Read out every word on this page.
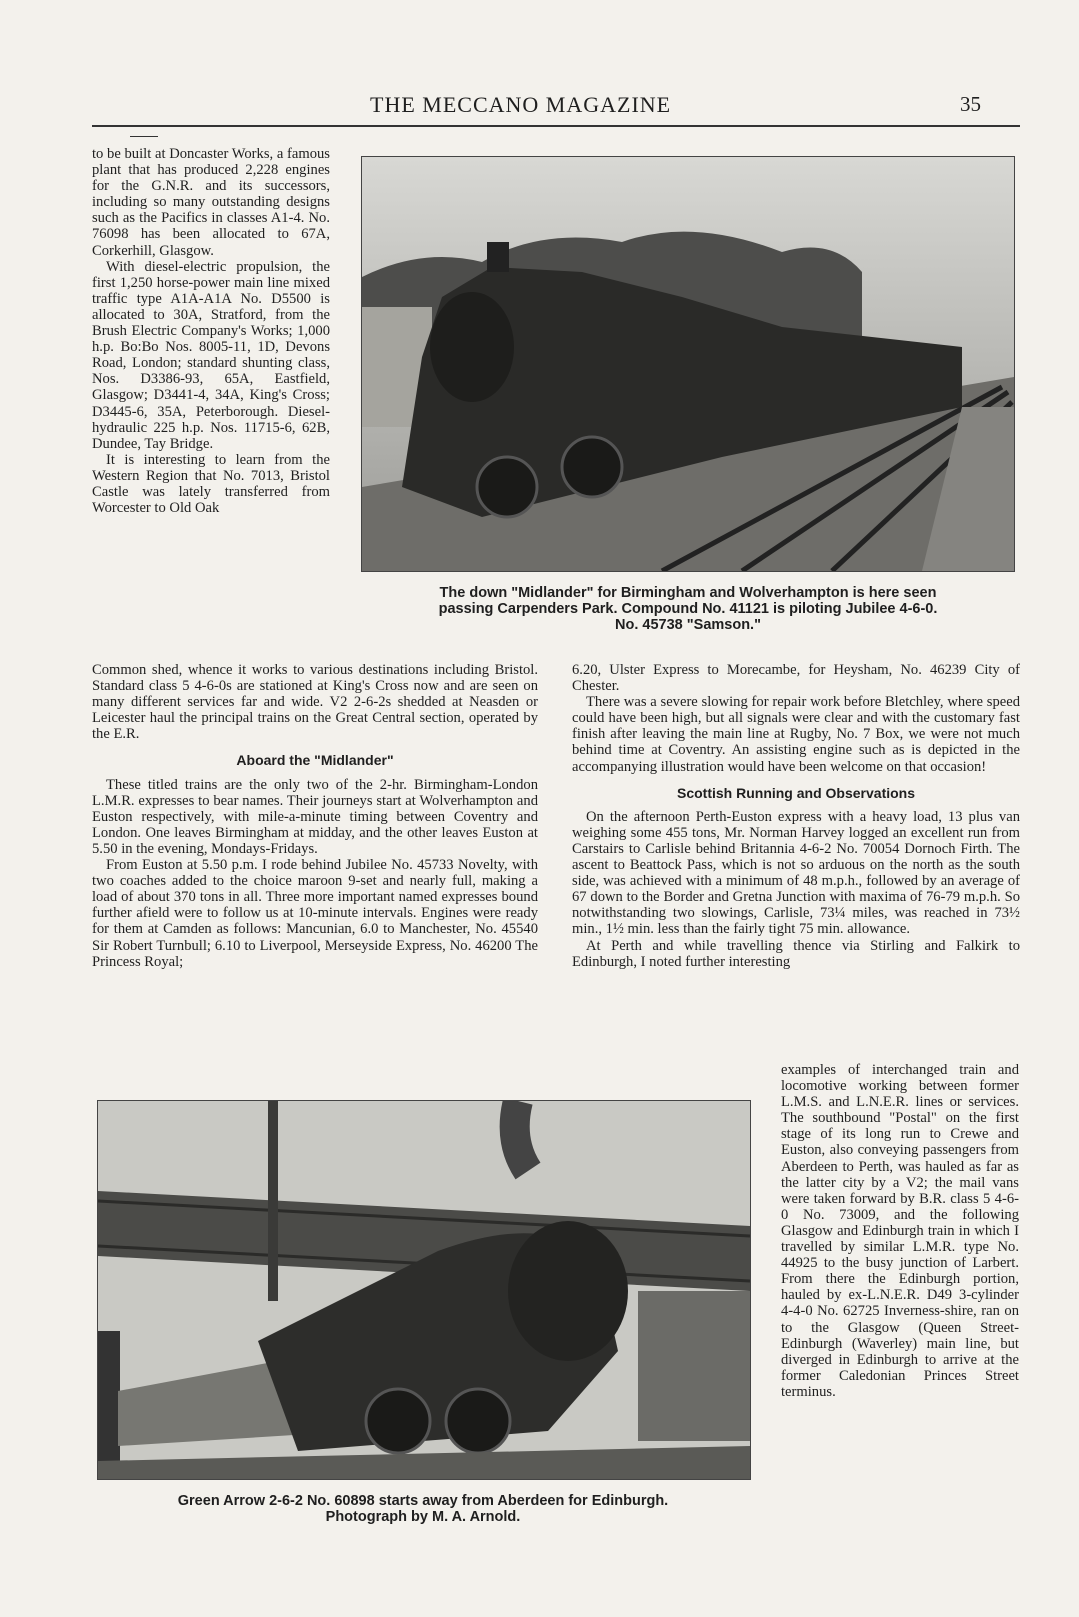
THE MECCANO MAGAZINE	35

to be built at Doncaster Works, a famous plant that has produced 2,228 engines for the G.N.R. and its successors, including so many outstanding designs such as the Pacifics in classes A1-4. No. 76098 has been allocated to 67A, Corkerhill, Glasgow.

With diesel-electric propulsion, the first 1,250 horse-power main line mixed traffic type A1A-A1A No. D5500 is allocated to 30A, Stratford, from the Brush Electric Company's Works; 1,000 h.p. Bo:Bo Nos. 8005-11, 1D, Devons Road, London; standard shunting class, Nos. D3386-93, 65A, Eastfield, Glasgow; D3441-4, 34A, King's Cross; D3445-6, 35A, Peterborough. Diesel-hydraulic 225 h.p. Nos. 11715-6, 62B, Dundee, Tay Bridge.

It is interesting to learn from the Western Region that No. 7013, Bristol Castle was lately transferred from Worcester to Old Oak

The down "Midlander" for Birmingham and Wolverhampton is here seen
passing Carpenders Park. Compound No. 41121 is piloting Jubilee 4-6-0.
No. 45738 "Samson."

Common shed, whence it works to various destinations including Bristol. Standard class 5 4-6-0s are stationed at King's Cross now and are seen on many different services far and wide. V2 2-6-2s shedded at Neasden or Leicester haul the principal trains on the Great Central section, operated by the E.R.

Aboard the "Midlander"

These titled trains are the only two of the 2-hr. Birmingham-London L.M.R. expresses to bear names. Their journeys start at Wolverhampton and Euston respectively, with mile-a-minute timing between Coventry and London. One leaves Birmingham at midday, and the other leaves Euston at 5.50 in the evening, Mondays-Fridays.

From Euston at 5.50 p.m. I rode behind Jubilee No. 45733 Novelty, with two coaches added to the choice maroon 9-set and nearly full, making a load of about 370 tons in all. Three more important named expresses bound further afield were to follow us at 10-minute intervals. Engines were ready for them at Camden as follows: Mancunian, 6.0 to Manchester, No. 45540 Sir Robert Turnbull; 6.10 to Liverpool, Merseyside Express, No. 46200 The Princess Royal;

6.20, Ulster Express to Morecambe, for Heysham, No. 46239 City of Chester.

There was a severe slowing for repair work before Bletchley, where speed could have been high, but all signals were clear and with the customary fast finish after leaving the main line at Rugby, No. 7 Box, we were not much behind time at Coventry. An assisting engine such as is depicted in the accompanying illustration would have been welcome on that occasion!

Scottish Running and Observations

On the afternoon Perth-Euston express with a heavy load, 13 plus van weighing some 455 tons, Mr. Norman Harvey logged an excellent run from Carstairs to Carlisle behind Britannia 4-6-2 No. 70054 Dornoch Firth. The ascent to Beattock Pass, which is not so arduous on the north as the south side, was achieved with a minimum of 48 m.p.h., followed by an average of 67 down to the Border and Gretna Junction with maxima of 76-79 m.p.h. So notwithstanding two slowings, Carlisle, 73¼ miles, was reached in 73½ min., 1½ min. less than the fairly tight 75 min. allowance.

At Perth and while travelling thence via Stirling and Falkirk to Edinburgh, I noted further interesting

examples of interchanged train and locomotive working between former L.M.S. and L.N.E.R. lines or services. The southbound "Postal" on the first stage of its long run to Crewe and Euston, also conveying passengers from Aberdeen to Perth, was hauled as far as the latter city by a V2; the mail vans were taken forward by B.R. class 5 4-6-0 No. 73009, and the following Glasgow and Edinburgh train in which I travelled by similar L.M.R. type No. 44925 to the busy junction of Larbert. From there the Edinburgh portion, hauled by ex-L.N.E.R. D49 3-cylinder 4-4-0 No. 62725 Inverness-shire, ran on to the Glasgow (Queen Street-Edinburgh (Waverley) main line, but diverged in Edinburgh to arrive at the former Caledonian Princes Street terminus.

Green Arrow 2-6-2 No. 60898 starts away from Aberdeen for Edinburgh.
Photograph by M. A. Arnold.
